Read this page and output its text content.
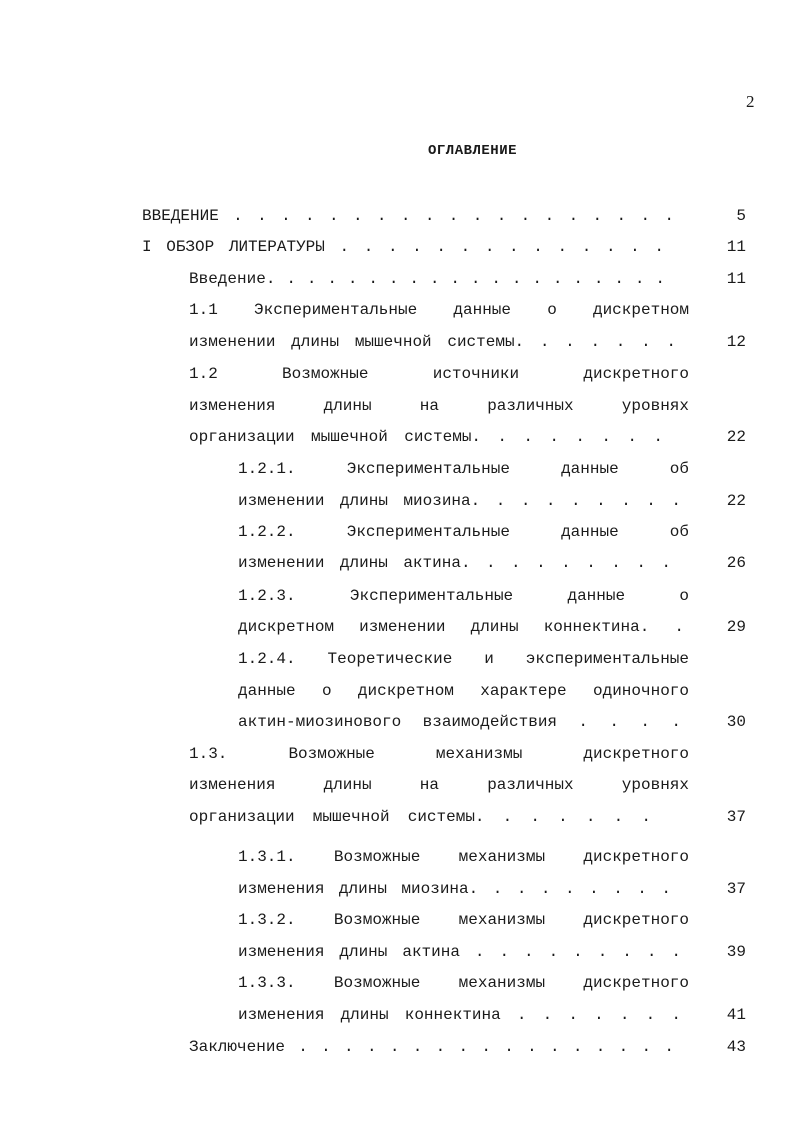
2
ОГЛАВЛЕНИЕ
ВВЕДЕНИЕ . . . . . . . . . . . . . . . . . . .	5
I ОБЗОР ЛИТЕРАТУРЫ . . . . . . . . . . . . . .	11
Введение. . . . . . . . . . . . . . . . . . . .	11
1.1 Экспериментальные данные о дискретном
изменении длины мышечной системы. . . . . . .	12
1.2 Возможные источники дискретного
изменения длины на различных уровнях
организации мышечной системы. . . . . . . .	22
1.2.1. Экспериментальные данные об
изменении длины миозина. . . . . . . . .	22
1.2.2. Экспериментальные данные об
изменении длины актина. . . . . . . . .	26
1.2.3. Экспериментальные данные о
дискретном изменении длины коннектина. .	29
1.2.4. Теоретические и экспериментальные
данные о дискретном характере одиночного
актин-миозинового взаимодействия . . . .	30
1.3. Возможные механизмы дискретного
изменения длины на различных уровнях
организации мышечной системы. . . . . . .	37
1.3.1. Возможные механизмы дискретного
изменения длины миозина. . . . . . . . .	37
1.3.2. Возможные механизмы дискретного
изменения длины актина . . . . . . . . .	39
1.3.3. Возможные механизмы дискретного
изменения длины коннектина . . . . . . .	41
Заключение . . . . . . . . . . . . . . . . .	43
